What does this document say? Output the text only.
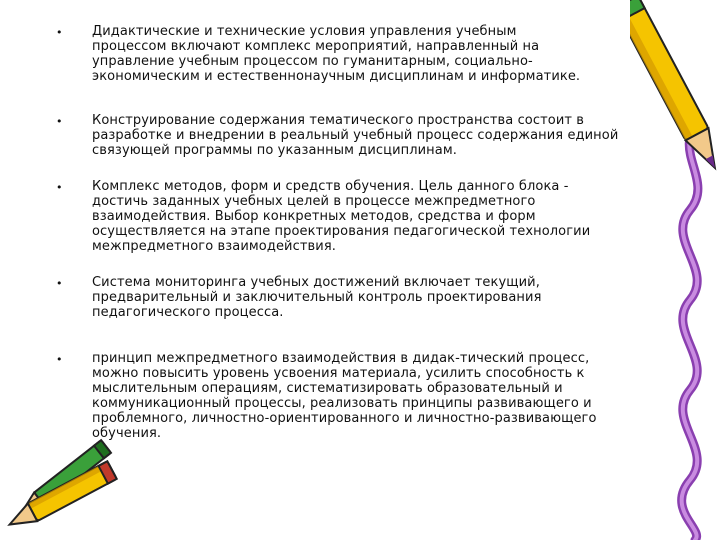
• Дидактические и технические условия управления учебным
процессом включают комплекс мероприятий, направленный на
управление учебным процессом по гуманитарным, социально-
экономическим и естественнонаучным дисциплинам и информатике.
• Конструирование содержания тематического пространства состоит в
разработке и внедрении в реальный учебный процесс содержания единой
связующей программы по указанным дисциплинам.
• Комплекс методов, форм и средств обучения. Цель данного блока -
достичь заданных учебных целей в процессе межпредметного
взаимодействия. Выбор конкретных методов, средства и форм
осуществляется на этапе проектирования педагогической технологии
межпредметного взаимодействия.
• Система мониторинга учебных достижений включает текущий,
предварительный и заключительный контроль проектирования
педагогического процесса.
• принцип межпредметного взаимодействия в дидак-тический процесс,
можно повысить уровень усвоения материала, усилить способность к
мыслительным операциям, систематизировать образовательный и
коммуникационный процессы, реализовать принципы развивающего и
проблемного, личностно-ориентированного и личностно-развивающего
обучения.
